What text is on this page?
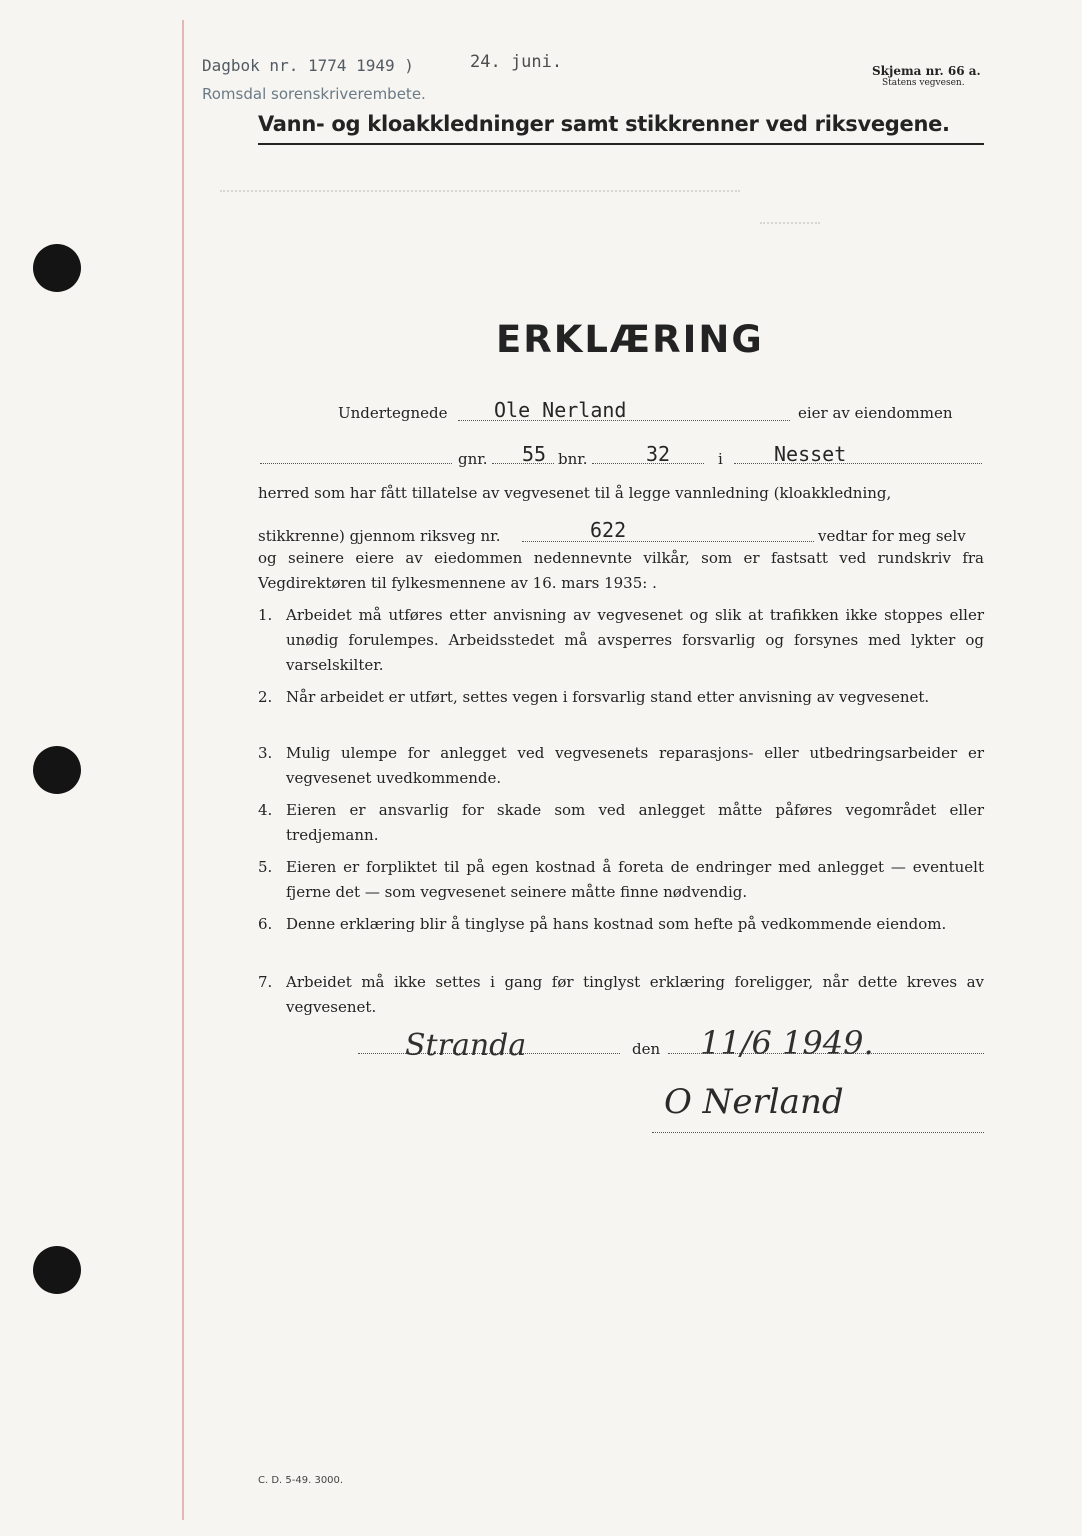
Dagbok nr. 1774 1949 )
Romsdal sorenskriverembete.
24. juni.	Skjema nr. 66 a.
Statens vegvesen.
Vann- og kloakkledninger samt stikkrenner ved riksvegene.
ERKLÆRING
Undertegnede Ole Nerland	eier av eiendommen
gnr. 55 bnr.	32	i	Nesset
herred som har fått tillatelse av vegvesenet til å legge vannledning (kloakkledning,
stikkrenne) gjennom riksveg nr.	622	vedtar for meg selv
og seinere eiere av eiedommen nedennevnte vilkår, som er fastsatt ved rundskriv fra Vegdirektøren til fylkesmennene av 16. mars 1935: .
1. Arbeidet må utføres etter anvisning av vegvesenet og slik at trafikken ikke stoppes eller unødig forulempes. Arbeidsstedet må avsperres forsvarlig og forsynes med lykter og varselskilter.
2. Når arbeidet er utført, settes vegen i forsvarlig stand etter anvisning av vegvesenet.
3. Mulig ulempe for anlegget ved vegvesenets reparasjons- eller utbedringsarbeider er vegvesenet uvedkommende.
4. Eieren er ansvarlig for skade som ved anlegget måtte påføres vegområdet eller tredjemann.
5. Eieren er forpliktet til på egen kostnad å foreta de endringer med anlegget — eventuelt fjerne det — som vegvesenet seinere måtte finne nødvendig.
6. Denne erklæring blir å tinglyse på hans kostnad som hefte på vedkommende eiendom.
7. Arbeidet må ikke settes i gang før tinglyst erklæring foreligger, når dette kreves av vegvesenet.
Stranda	den 11/6 1949.
O Nerland
C. D. 5-49. 3000.
